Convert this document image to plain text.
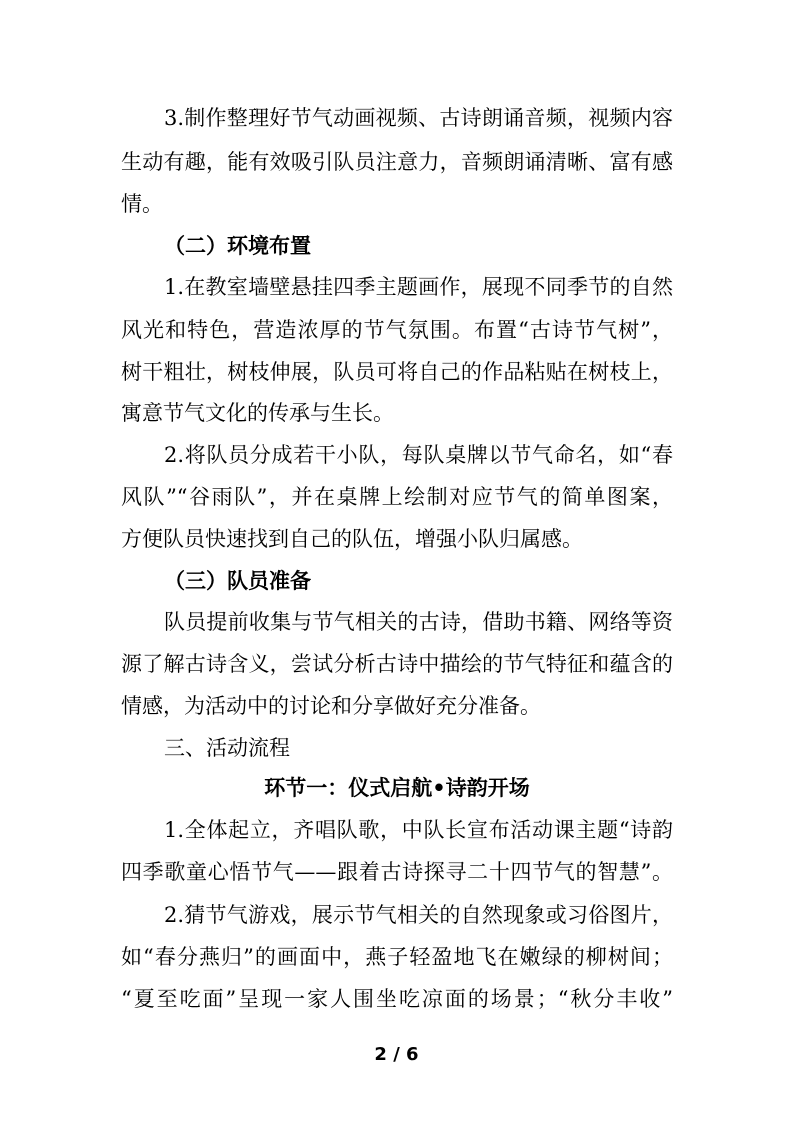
3.制作整理好节气动画视频、古诗朗诵音频，视频内容
生动有趣，能有效吸引队员注意力，音频朗诵清晰、富有感
情。
（二）环境布置
1.在教室墙壁悬挂四季主题画作，展现不同季节的自然
风光和特色，营造浓厚的节气氛围。布置“古诗节气树”，
树干粗壮，树枝伸展，队员可将自己的作品粘贴在树枝上，
寓意节气文化的传承与生长。
2.将队员分成若干小队，每队桌牌以节气命名，如“春
风队”“谷雨队”，并在桌牌上绘制对应节气的简单图案，
方便队员快速找到自己的队伍，增强小队归属感。
（三）队员准备
队员提前收集与节气相关的古诗，借助书籍、网络等资
源了解古诗含义，尝试分析古诗中描绘的节气特征和蕴含的
情感，为活动中的讨论和分享做好充分准备。
三、活动流程
环节一：仪式启航•诗韵开场
1.全体起立，齐唱队歌，中队长宣布活动课主题“诗韵
四季歌童心悟节气——跟着古诗探寻二十四节气的智慧”。
2.猜节气游戏，展示节气相关的自然现象或习俗图片，
如“春分燕归”的画面中，燕子轻盈地飞在嫩绿的柳树间；
“夏至吃面”呈现一家人围坐吃凉面的场景；“秋分丰收”
2 / 6
